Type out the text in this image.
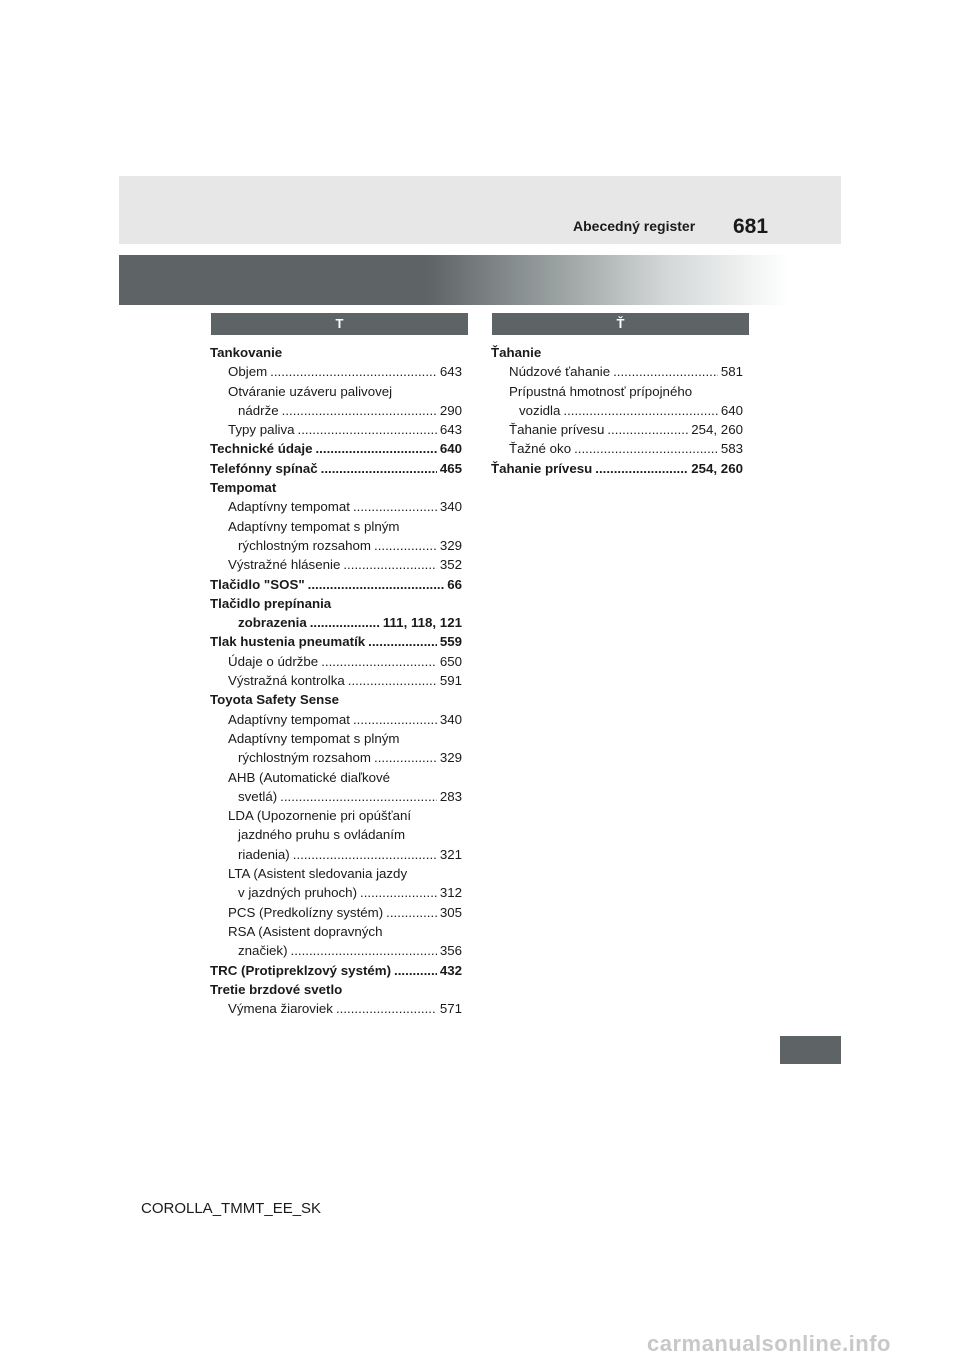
Abecedný register 681
T	Ť
Tankovanie
Objem .....	643
Otváranie uzáveru palivovej
nádrže .....	290
Typy paliva .....	643
Technické údaje .....	640
Telefónny spínač .....	465
Tempomat
Adaptívny tempomat .....	340
Adaptívny tempomat s plným
rýchlostným rozsahom .....	329
Výstražné hlásenie .....	352
Tlačidlo "SOS" .....	66
Tlačidlo prepínania
zobrazenia .....	111, 118, 121
Tlak hustenia pneumatík .....	559
Údaje o údržbe .....	650
Výstražná kontrolka .....	591
Toyota Safety Sense
Adaptívny tempomat .....	340
Adaptívny tempomat s plným
rýchlostným rozsahom .....	329
AHB (Automatické diaľkové
svetlá) .....	283
LDA (Upozornenie pri opúšťaní
jazdného pruhu s ovládaním
riadenia) .....	321
LTA (Asistent sledovania jazdy
v jazdných pruhoch) .....	312
PCS (Predkolízny systém) .....	305
RSA (Asistent dopravných
značiek) .....	356
TRC (Protipreklzový systém) .....	432
Tretie brzdové svetlo
Výmena žiaroviek .....	571
Ťahanie
Núdzové ťahanie .....	581
Prípustná hmotnosť prípojného
vozidla .....	640
Ťahanie prívesu .....	254, 260
Ťažné oko .....	583
Ťahanie prívesu .....	254, 260
COROLLA_TMMT_EE_SK
carmanualsonline.info
